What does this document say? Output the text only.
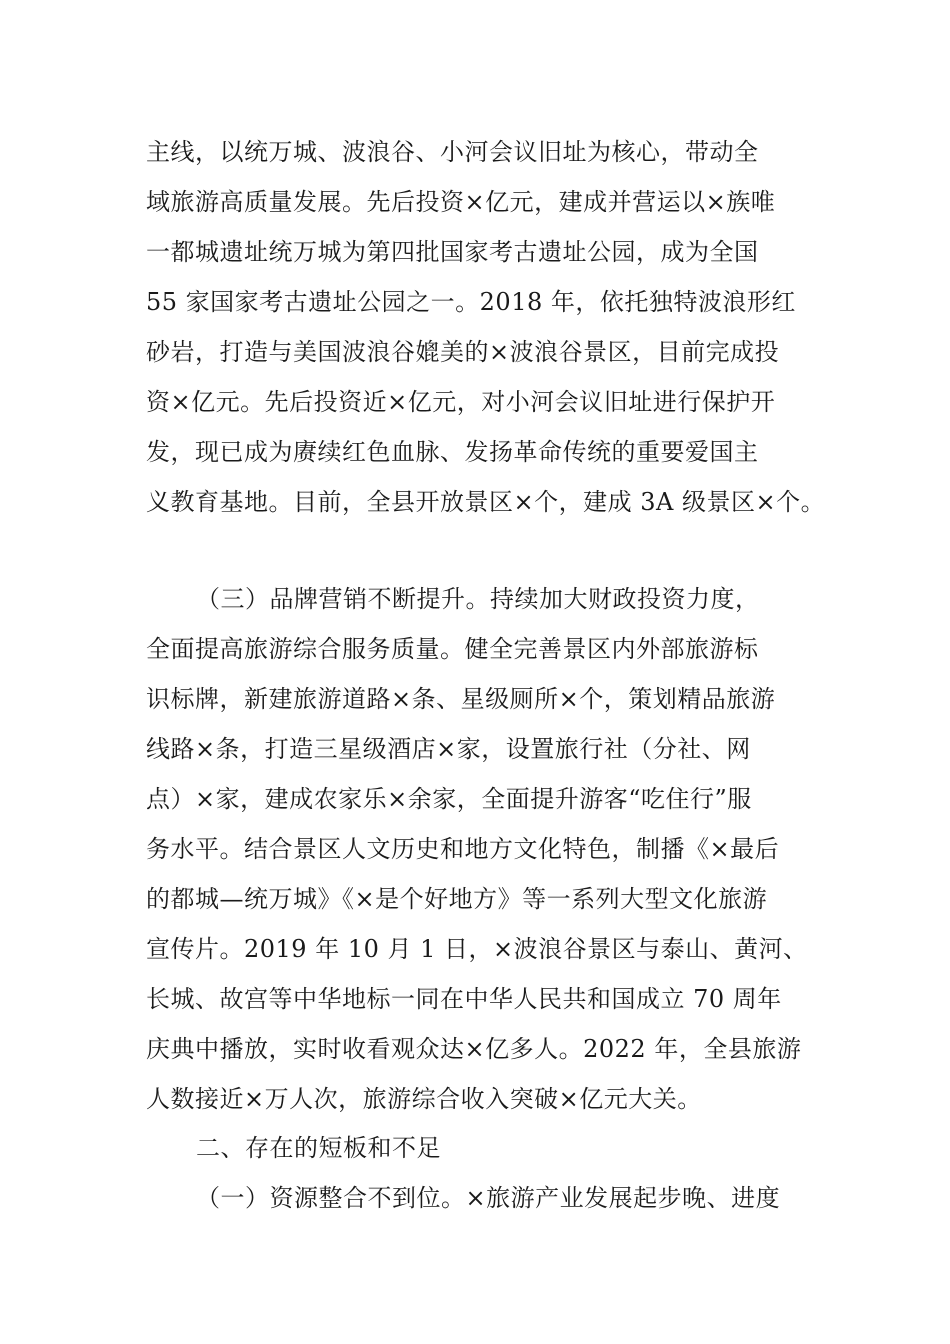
主线，以统万城、波浪谷、小河会议旧址为核心，带动全
域旅游高质量发展。先后投资×亿元，建成并营运以×族唯
一都城遗址统万城为第四批国家考古遗址公园，成为全国
55 家国家考古遗址公园之一。2018 年，依托独特波浪形红
砂岩，打造与美国波浪谷媲美的×波浪谷景区，目前完成投
资×亿元。先后投资近×亿元，对小河会议旧址进行保护开
发，现已成为赓续红色血脉、发扬革命传统的重要爱国主
义教育基地。目前，全县开放景区×个，建成 3A 级景区×个。
（三）品牌营销不断提升。持续加大财政投资力度，
全面提高旅游综合服务质量。健全完善景区内外部旅游标
识标牌，新建旅游道路×条、星级厕所×个，策划精品旅游
线路×条，打造三星级酒店×家，设置旅行社（分社、网
点）×家，建成农家乐×余家，全面提升游客“吃住行”服
务水平。结合景区人文历史和地方文化特色，制播《×最后
的都城—统万城》《×是个好地方》等一系列大型文化旅游
宣传片。2019 年 10 月 1 日，×波浪谷景区与泰山、黄河、
长城、故宫等中华地标一同在中华人民共和国成立 70 周年
庆典中播放，实时收看观众达×亿多人。2022 年，全县旅游
人数接近×万人次，旅游综合收入突破×亿元大关。
二、存在的短板和不足
（一）资源整合不到位。×旅游产业发展起步晚、进度
